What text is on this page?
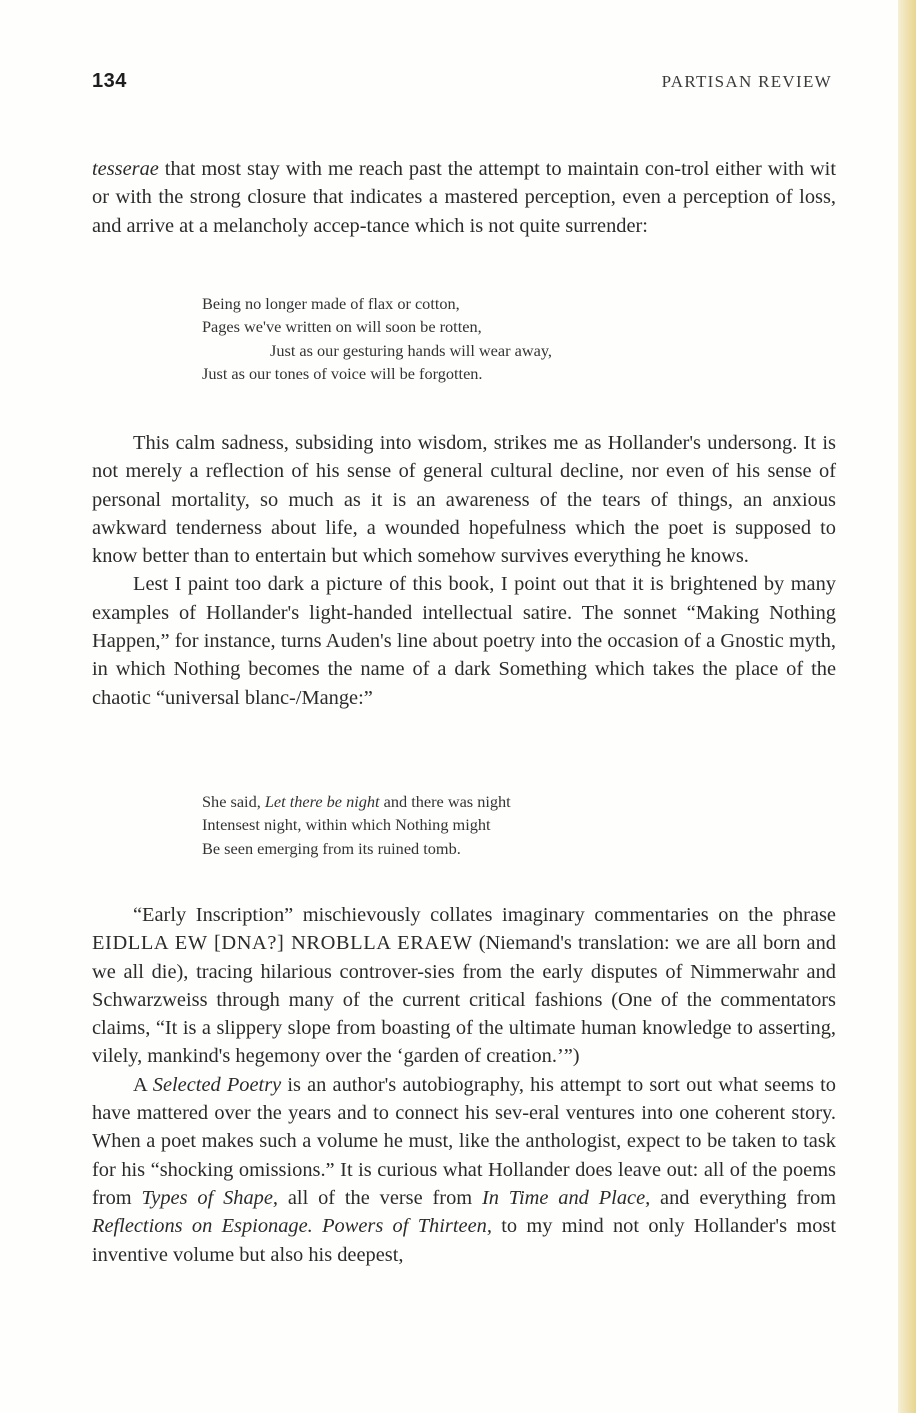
134	PARTISAN REVIEW

tesserae that most stay with me reach past the attempt to maintain con-trol either with wit or with the strong closure that indicates a mastered perception, even a perception of loss, and arrive at a melancholy accep-tance which is not quite surrender:

Being no longer made of flax or cotton,
Pages we've written on will soon be rotten,
Just as our gesturing hands will wear away,
Just as our tones of voice will be forgotten.

This calm sadness, subsiding into wisdom, strikes me as Hollander's undersong. It is not merely a reflection of his sense of general cultural decline, nor even of his sense of personal mortality, so much as it is an awareness of the tears of things, an anxious awkward tenderness about life, a wounded hopefulness which the poet is supposed to know better than to entertain but which somehow survives everything he knows.

Lest I paint too dark a picture of this book, I point out that it is brightened by many examples of Hollander's light-handed intellectual satire. The sonnet “Making Nothing Happen,” for instance, turns Auden's line about poetry into the occasion of a Gnostic myth, in which Nothing becomes the name of a dark Something which takes the place of the chaotic “universal blanc-/Mange:”

She said, Let there be night and there was night
Intensest night, within which Nothing might
Be seen emerging from its ruined tomb.

“Early Inscription” mischievously collates imaginary commentaries on the phrase EIDLLA EW [DNA?] NROBLLA ERAEW (Niemand's translation: we are all born and we all die), tracing hilarious controver-sies from the early disputes of Nimmerwahr and Schwarzweiss through many of the current critical fashions (One of the commentators claims, “It is a slippery slope from boasting of the ultimate human knowledge to asserting, vilely, mankind's hegemony over the ‘garden of creation.’”)

A Selected Poetry is an author's autobiography, his attempt to sort out what seems to have mattered over the years and to connect his sev-eral ventures into one coherent story. When a poet makes such a volume he must, like the anthologist, expect to be taken to task for his “shocking omissions.” It is curious what Hollander does leave out: all of the poems from Types of Shape, all of the verse from In Time and Place, and everything from Reflections on Espionage. Powers of Thirteen, to my mind not only Hollander's most inventive volume but also his deepest,
